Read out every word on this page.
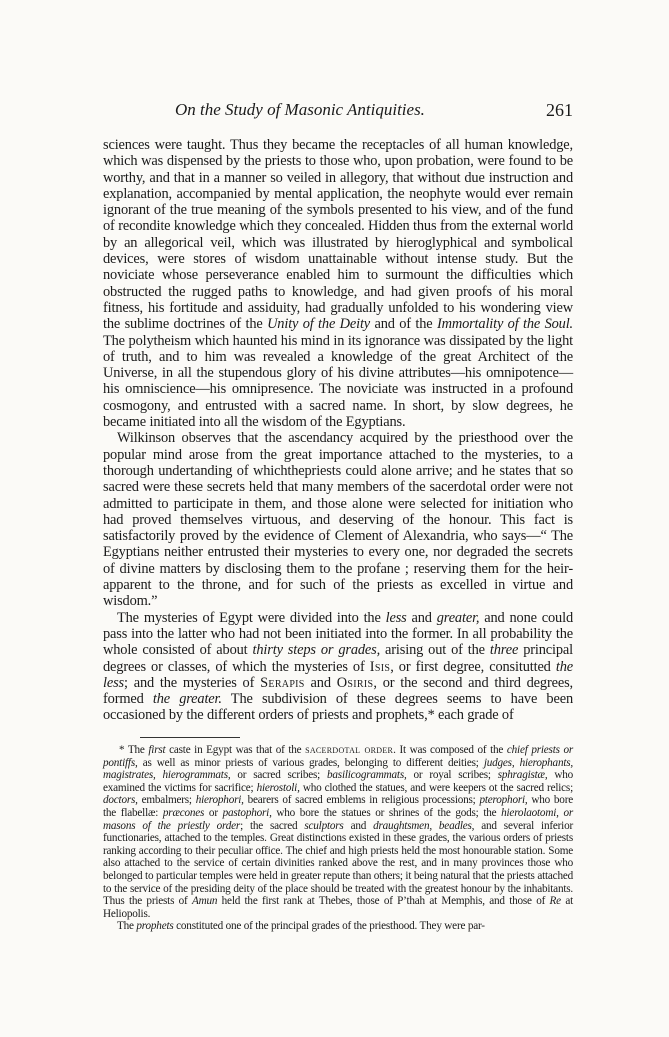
On the Study of Masonic Antiquities.	261

sciences were taught. Thus they became the receptacles of all human knowledge, which was dispensed by the priests to those who, upon probation, were found to be worthy, and that in a manner so veiled in allegory, that without due instruction and explanation, accompanied by mental application, the neophyte would ever remain ignorant of the true meaning of the symbols presented to his view, and of the fund of recondite knowledge which they concealed. Hidden thus from the external world by an allegorical veil, which was illustrated by hieroglyphical and symbolical devices, were stores of wisdom unattainable without intense study. But the noviciate whose perseverance enabled him to surmount the difficulties which obstructed the rugged paths to knowledge, and had given proofs of his moral fitness, his fortitude and assiduity, had gradually unfolded to his wondering view the sublime doctrines of the Unity of the Deity and of the Immortality of the Soul. The polytheism which haunted his mind in its ignorance was dissipated by the light of truth, and to him was revealed a knowledge of the great Architect of the Universe, in all the stupendous glory of his divine attributes—his omnipotence—his omniscience—his omnipresence. The noviciate was instructed in a profound cosmogony, and entrusted with a sacred name. In short, by slow degrees, he became initiated into all the wisdom of the Egyptians.

Wilkinson observes that the ascendancy acquired by the priesthood over the popular mind arose from the great importance attached to the mysteries, to a thorough undertanding of whichthepriests could alone arrive; and he states that so sacred were these secrets held that many members of the sacerdotal order were not admitted to participate in them, and those alone were selected for initiation who had proved themselves virtuous, and deserving of the honour. This fact is satisfactorily proved by the evidence of Clement of Alexandria, who says—“ The Egyptians neither entrusted their mysteries to every one, nor degraded the secrets of divine matters by disclosing them to the profane ; reserving them for the heir-apparent to the throne, and for such of the priests as excelled in virtue and wisdom.”

The mysteries of Egypt were divided into the less and greater, and none could pass into the latter who had not been initiated into the former. In all probability the whole consisted of about thirty steps or grades, arising out of the three principal degrees or classes, of which the mysteries of Isis, or first degree, consitutted the less; and the mysteries of Serapis and Osiris, or the second and third degrees, formed the greater. The subdivision of these degrees seems to have been occasioned by the different orders of priests and prophets,* each grade of

* The first caste in Egypt was that of the sacerdotal order. It was composed of the chief priests or pontiffs, as well as minor priests of various grades, belonging to different deities; judges, hierophants, magistrates, hierogrammats, or sacred scribes; basilicogrammats, or royal scribes; sphragistæ, who examined the victims for sacrifice; hierostoli, who clothed the statues, and were keepers ot the sacred relics; doctors, embalmers; hierophori, bearers of sacred emblems in religious processions; pterophori, who bore the flabellæ: præcones or pastophori, who bore the statues or shrines of the gods; the hierolaotomi, or masons of the priestly order; the sacred sculptors and draughtsmen, beadles, and several inferior functionaries, attached to the temples. Great distinctions existed in these grades, the various orders of priests ranking according to their peculiar office. The chief and high priests held the most honourable station. Some also attached to the service of certain divinities ranked above the rest, and in many provinces those who belonged to particular temples were held in greater repute than others; it being natural that the priests attached to the service of the presiding deity of the place should be treated with the greatest honour by the inhabitants. Thus the priests of Amun held the first rank at Thebes, those of P’thah at Memphis, and those of Re at Heliopolis.

The prophets constituted one of the principal grades of the priesthood. They were par-
